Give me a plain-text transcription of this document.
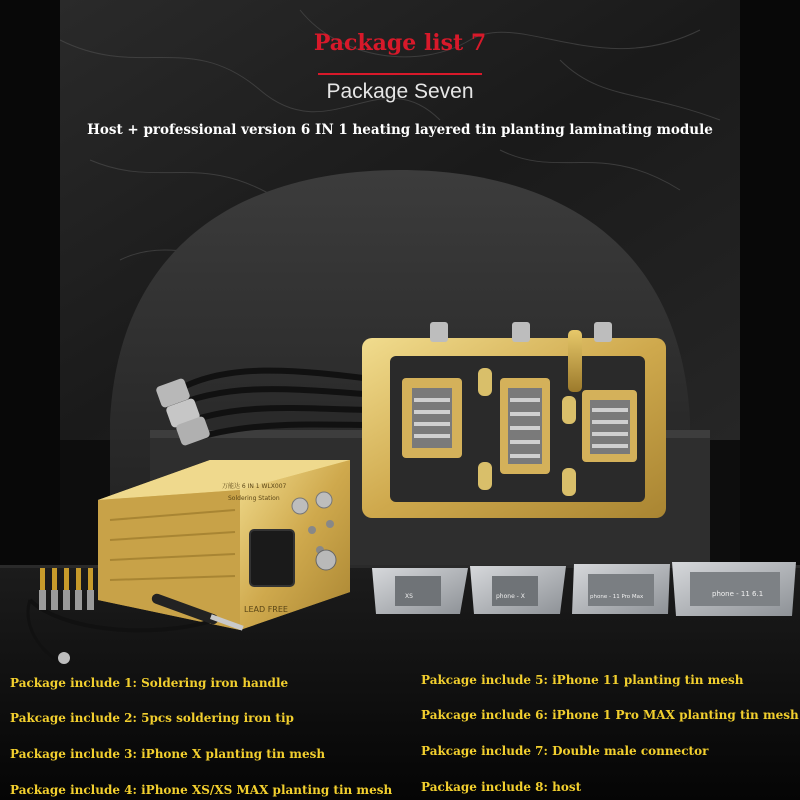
万能达 6 IN 1 WLX007
Soldering Station
LEAD FREE
XS	phone - X	phone - 11 Pro Max	phone - 11 6.1
Package list 7
Package Seven
Host + professional version 6 IN 1 heating layered tin planting laminating module
Package include 1: Soldering iron handle
Pakcage include 2: 5pcs soldering iron tip
Package include 3: iPhone X planting tin mesh
Package include 4: iPhone XS/XS MAX planting tin mesh
Pakcage include 5: iPhone 11 planting tin mesh
Pakcage include 6: iPhone 1 Pro MAX planting tin mesh
Pakcage include 7: Double male connector
Package include 8: host
